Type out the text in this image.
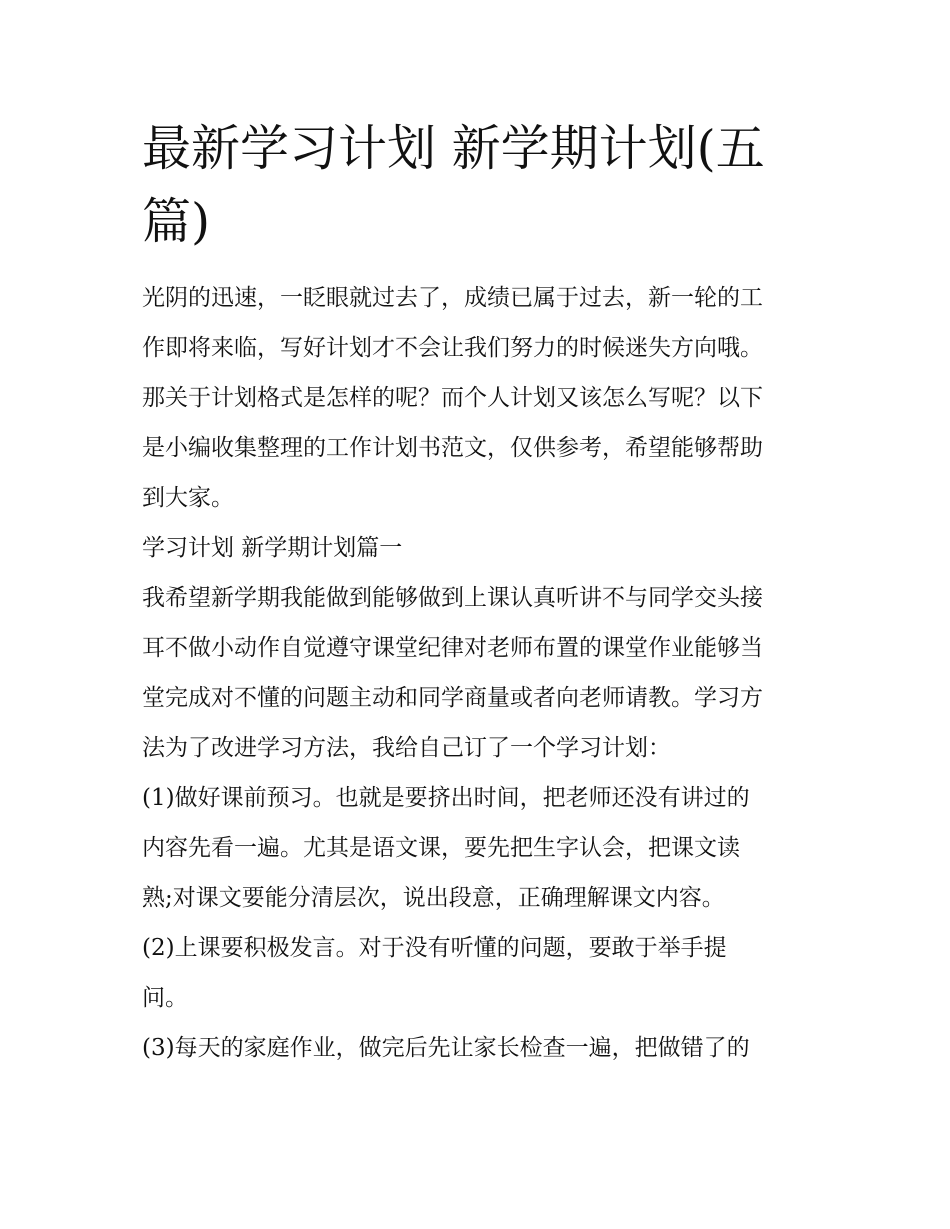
最新学习计划 新学期计划(五
篇)
光阴的迅速，一眨眼就过去了，成绩已属于过去，新一轮的工
作即将来临，写好计划才不会让我们努力的时候迷失方向哦。
那关于计划格式是怎样的呢？而个人计划又该怎么写呢？以下
是小编收集整理的工作计划书范文，仅供参考，希望能够帮助
到大家。
学习计划 新学期计划篇一
我希望新学期我能做到能够做到上课认真听讲不与同学交头接
耳不做小动作自觉遵守课堂纪律对老师布置的课堂作业能够当
堂完成对不懂的问题主动和同学商量或者向老师请教。学习方
法为了改进学习方法，我给自己订了一个学习计划：
(1)做好课前预习。也就是要挤出时间，把老师还没有讲过的
内容先看一遍。尤其是语文课，要先把生字认会，把课文读
熟;对课文要能分清层次，说出段意，正确理解课文内容。
(2)上课要积极发言。对于没有听懂的问题，要敢于举手提
问。
(3)每天的家庭作业，做完后先让家长检查一遍，把做错了的
